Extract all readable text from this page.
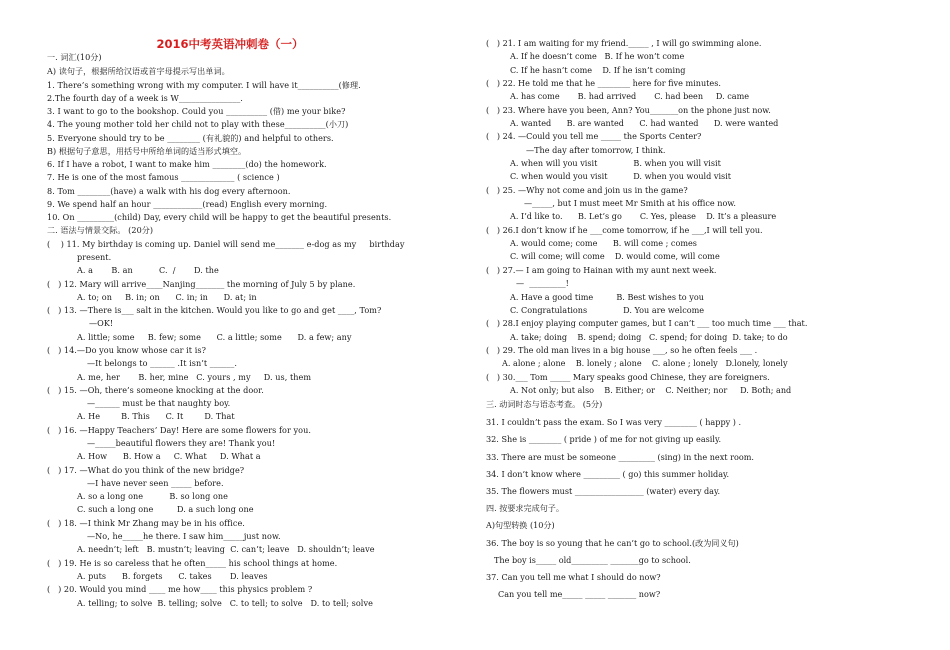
2016中考英语冲刺卷（一）
一. 词汇(10分)
A) 读句子，根据所给汉语或首字母提示写出单词。
1. There’s something wrong with my computer. I will have it__________(修理.
2.The fourth day of a week is W_______________.
3. I want to go to the bookshop. Could you __________ (借) me your bike?
4. The young mother told her child not to play with these__________(小刀)
5. Everyone should try to be ________ (有礼貌的) and helpful to others.
B) 根据句子意思，用括号中所给单词的适当形式填空。
6. If I have a robot, I want to make him ________(do) the homework.
7. He is one of the most famous _____________ ( science )
8. Tom ________(have) a walk with his dog every afternoon.
9. We spend half an hour ____________(read) English every morning.
10. On _________(child) Day, every child will be happy to get the beautiful presents.
二. 语法与情景交际。 (20分)
(    ) 11. My birthday is coming up. Daniel will send me_______ e-dog as my     birthday
present.
A. a       B. an          C.  /       D. the
(   ) 12. Mary will arrive____Nanjing_______ the morning of July 5 by plane.
A. to; on     B. in; on      C. in; in      D. at; in
(   ) 13. —There is___ salt in the kitchen. Would you like to go and get ____, Tom?
—OK!
A. little; some     B. few; some      C. a little; some      D. a few; any
(   ) 14.—Do you know whose car it is?
—It belongs to ______ .It isn’t ______.
A. me, her       B. her, mine   C. yours , my     D. us, them
(   ) 15. —Oh, there’s someone knocking at the door.
—______ must be that naughty boy.
A. He        B. This      C. It        D. That
(   ) 16. —Happy Teachers’ Day! Here are some flowers for you.
—_____beautiful flowers they are! Thank you!
A. How      B. How a     C. What     D. What a
(   ) 17. —What do you think of the new bridge?
—I have never seen _____ before.
A. so a long one          B. so long one
C. such a long one         D. a such long one
(   ) 18. —I think Mr Zhang may be in his office.
—No, he_____he there. I saw him_____just now.
A. needn’t; left   B. mustn’t; leaving  C. can’t; leave   D. shouldn’t; leave
(   ) 19. He is so careless that he often_____ his school things at home.
A. puts      B. forgets      C. takes       D. leaves
(   ) 20. Would you mind ____ me how____ this physics problem ?
A. telling; to solve  B. telling; solve   C. to tell; to solve   D. to tell; solve
(   ) 21. I am waiting for my friend._____ , I will go swimming alone.
A. If he doesn’t come   B. If he won’t come
C. If he hasn’t come    D. If he isn’t coming
(   ) 22. He told me that he ________ here for five minutes.
A. has come       B. had arrived       C. had been     D. came
(   ) 23. Where have you been, Ann? You_______on the phone just now.
A. wanted      B. are wanted      C. had wanted      D. were wanted
(   ) 24. —Could you tell me _____ the Sports Center?
—The day after tomorrow, I think.
A. when will you visit              B. when you will visit
C. when would you visit          D. when you would visit
(   ) 25. —Why not come and join us in the game?
—_____, but I must meet Mr Smith at his office now.
A. I’d like to.      B. Let’s go       C. Yes, please    D. It’s a pleasure
(   ) 26.I don’t know if he ___come tomorrow, if he ___,I will tell you.
A. would come; come      B. will come ; comes
C. will come; will come    D. would come, will come
(   ) 27.— I am going to Hainan with my aunt next week.
—  _________!
A. Have a good time         B. Best wishes to you
C. Congratulations              D. You are welcome
(   ) 28.I enjoy playing computer games, but I can’t ___ too much time ___ that.
A. take; doing    B. spend; doing   C. spend; for doing  D. take; to do
(   ) 29. The old man lives in a big house ___, so he often feels ___ .
A. alone ; alone    B. lonely ; alone    C. alone ; lonely   D.lonely, lonely
(   ) 30.___ Tom _____ Mary speaks good Chinese, they are foreigners.
A. Not only; but also    B. Either; or    C. Neither; nor     D. Both; and
三. 动词时态与语态考查。 (5分)
31. I couldn’t pass the exam. So I was very ________ ( happy ) .
32. She is ________ ( pride ) of me for not giving up easily.
33. There are must be someone _________ (sing) in the next room.
34. I don’t know where _________ ( go) this summer holiday.
35. The flowers must _________________ (water) every day.
四. 按要求完成句子。
A)句型转换 (10分)
36. The boy is so young that he can’t go to school.(改为同义句)
The boy is_____ old_________ _______go to school.
37. Can you tell me what I should do now?
Can you tell me_____ _____ _______ now?
